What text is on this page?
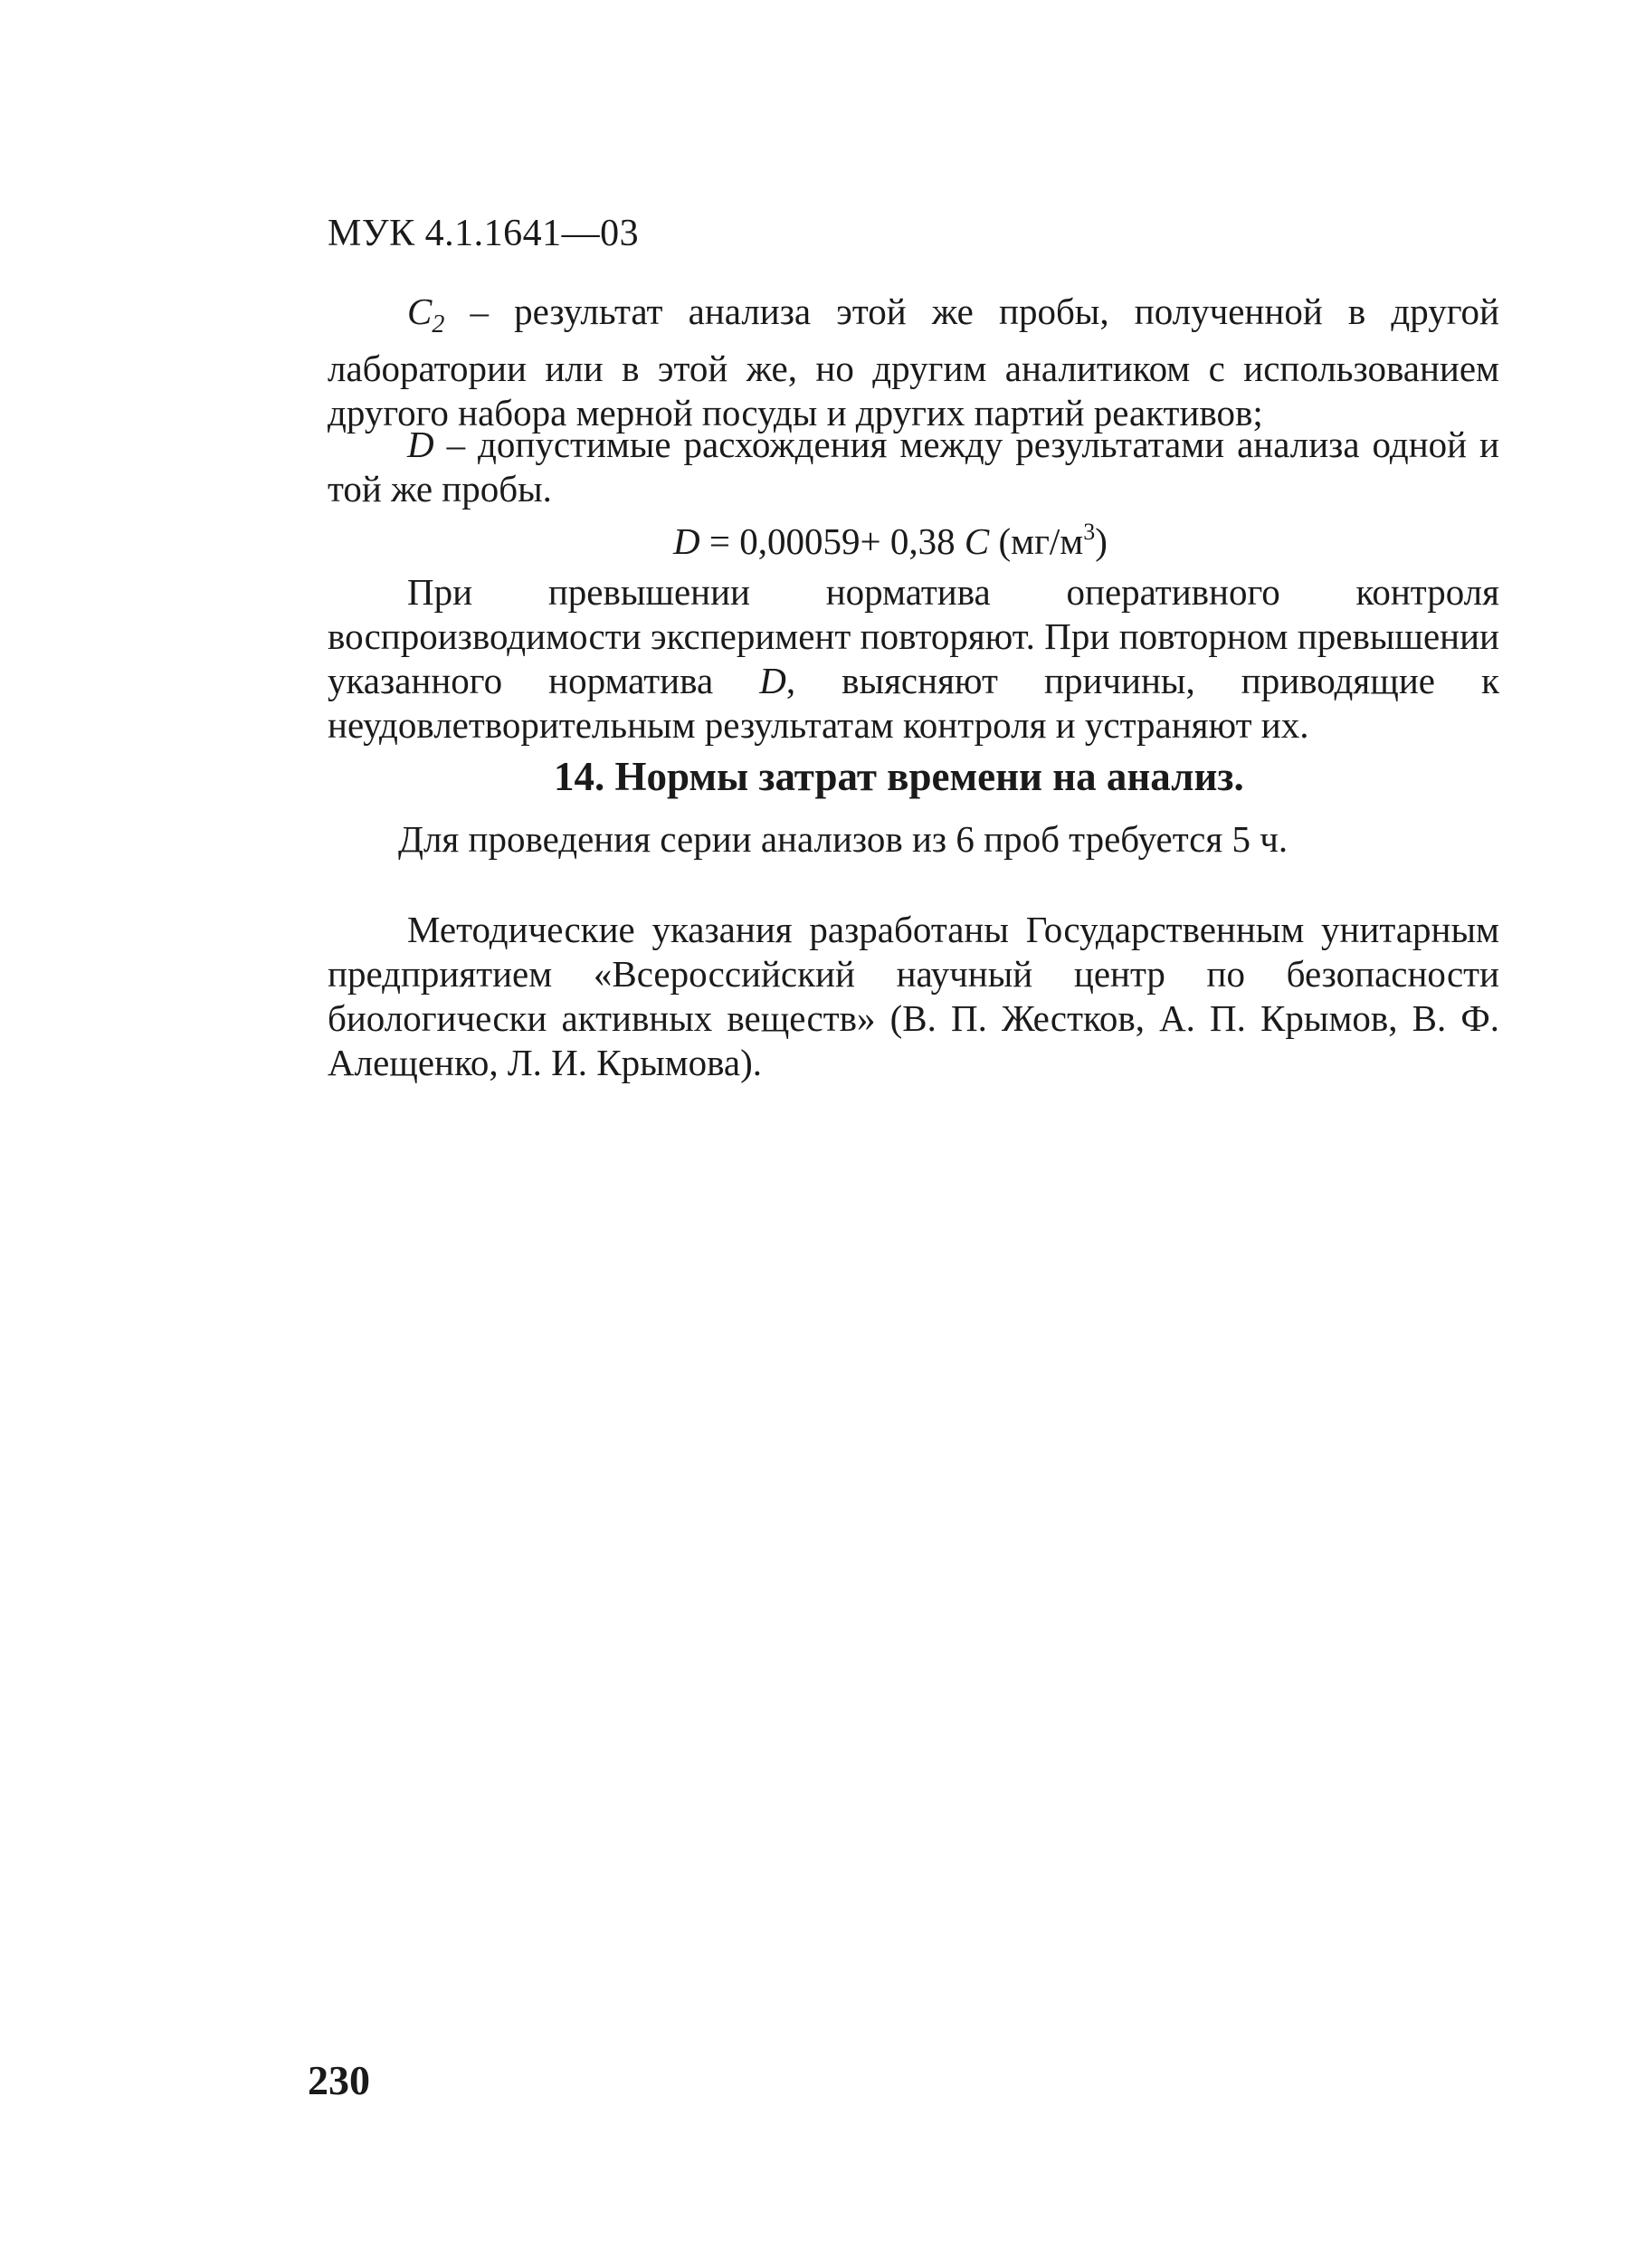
МУК 4.1.1641—03

$C_2$ – результат анализа этой же пробы, полученной в другой лаборатории или в этой же, но другим аналитиком с использованием другого набора мерной посуды и других партий реактивов;

D – допустимые расхождения между результатами анализа одной и той же пробы.

D = 0,00059+ 0,38 C $(мг/м^3)$

При превышении норматива оперативного контроля воспроизводимости эксперимент повторяют. При повторном превышении указанного норматива D, выясняют причины, приводящие к неудовлетворительным результатам контроля и устраняют их.

14. Нормы затрат времени на анализ.
Для проведения серии анализов из 6 проб требуется 5 ч.

Методические указания разработаны Государственным унитарным предприятием «Всероссийский научный центр по безопасности биологически активных веществ» (В. П. Жестков, А. П. Крымов, В. Ф. Алещенко, Л. И. Крымова).

230
